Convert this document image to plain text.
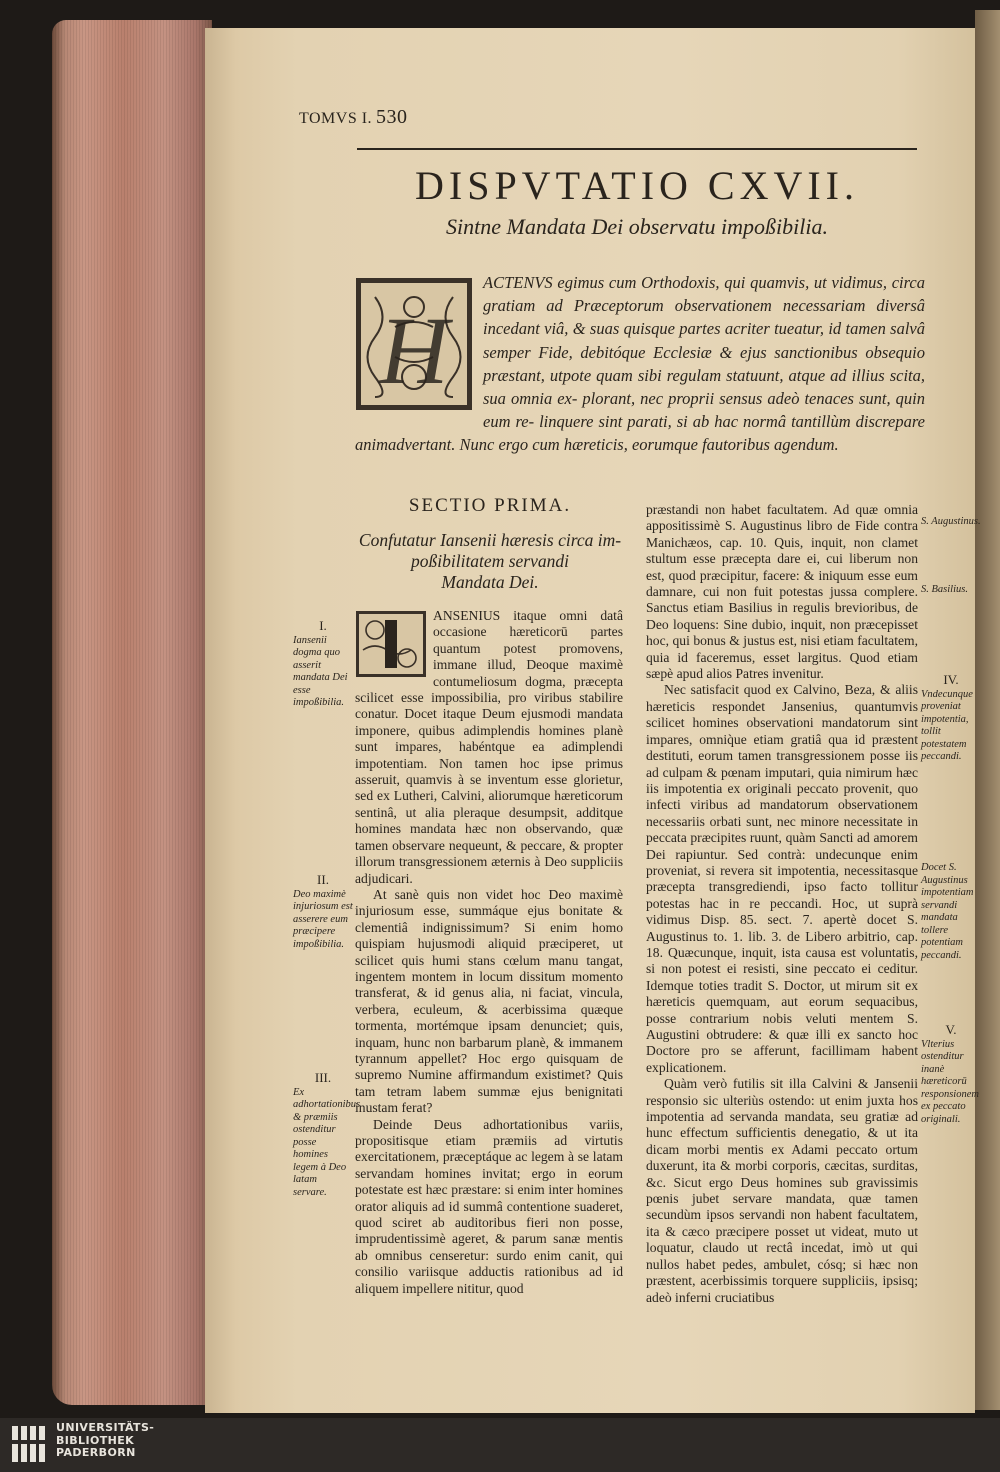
TOMVS I. 530
DISPVTATIO CXVII.
Sintne Mandata Dei observatu impoßibilia.
H
ACTENVS egimus cum Orthodoxis, qui quamvis, ut vidimus, circa gratiam ad Præceptorum observationem necessariam diversâ incedant viâ, & suas quisque partes acriter tueatur, id tamen salvâ semper Fide, debitóque Ecclesiæ & ejus sanctionibus obsequio præstant, utpote quam sibi regulam statuunt, atque ad illius scita, sua omnia ex- plorant, nec proprii sensus adeò tenaces sunt, quin eum re- linquere sint parati, si ab hac normâ tantillùm discrepare animadvertant. Nunc ergo cum hæreticis, eorumque fautoribus agendum.
SECTIO PRIMA.
Confutatur Iansenii hæresis circa im-
poßibilitatem servandi
Mandata Dei.

ANSENIUS itaque omni datâ occasione hæreticorū partes quantum potest promovens, immane illud, Deoque maximè contumeliosum dogma, præcepta scilicet esse impossibilia, pro viribus stabilire conatur. Docet itaque Deum ejusmodi mandata imponere, quibus adimplendis homines planè sunt impares, habéntque ea adimplendi impotentiam. Non tamen hoc ipse primus asseruit, quamvis à se inventum esse glorietur, sed ex Lutheri, Calvini, aliorumque hæreticorum sentinâ, ut alia pleraque desumpsit, additque homines mandata hæc non observando, quæ tamen observare nequeunt, & peccare, & propter illorum transgressionem æternis à Deo suppliciis adjudicari.

At sanè quis non videt hoc Deo maximè injuriosum esse, summáque ejus bonitate & clementiâ indignissimum? Si enim homo quispiam hujusmodi aliquid præciperet, ut scilicet quis humi stans cœlum manu tangat, ingentem montem in locum dissitum momento transferat, & id genus alia, ni faciat, vincula, verbera, eculeum, & acerbissima quæque tormenta, mortémque ipsam denunciet; quis, inquam, hunc non barbarum planè, & immanem tyrannum appellet? Hoc ergo quisquam de supremo Numine affirmandum existimet? Quis tam tetram labem summæ ejus benignitati inustam ferat?

Deinde Deus adhortationibus variis, propositisque etiam præmiis ad virtutis exercitationem, præceptáque ac legem à se latam servandam homines invitat; ergo in eorum potestate est hæc præstare: si enim inter homines orator aliquis ad id summâ contentione suaderet, quod sciret ab auditoribus fieri non posse, imprudentissimè ageret, & parum sanæ mentis ab omnibus censeretur: surdo enim canit, qui consilio variisque adductis rationibus ad id aliquem impellere nititur, quod

præstandi non habet facultatem. Ad quæ omnia appositissimè S. Augustinus libro de Fide contra Manichæos, cap. 10. Quis, inquit, non clamet stultum esse præcepta dare ei, cui liberum non est, quod præcipitur, facere: & iniquum esse eum damnare, cui non fuit potestas jussa complere. Sanctus etiam Basilius in regulis brevioribus, de Deo loquens: Sine dubio, inquit, non præcepisset hoc, qui bonus & justus est, nisi etiam facultatem, quia id faceremus, esset largitus. Quod etiam sæpè apud alios Patres invenitur.

Nec satisfacit quod ex Calvino, Beza, & aliis hæreticis respondet Jansenius, quantumvis scilicet homines observationi mandatorum sint impares, omniq̀ue etiam gratiâ qua id præstent destituti, eorum tamen transgressionem posse iis ad culpam & pœnam imputari, quia nimirum hæc iis impotentia ex originali peccato provenit, quo infecti viribus ad mandatorum observationem necessariis orbati sunt, nec minore necessitate in peccata præcipites ruunt, quàm Sancti ad amorem Dei rapiuntur. Sed contrà: undecunque enim proveniat, si revera sit impotentia, necessitasque præcepta transgrediendi, ipso facto tollitur potestas hac in re peccandi. Hoc, ut suprà vidimus Disp. 85. sect. 7. apertè docet S. Augustinus to. 1. lib. 3. de Libero arbitrio, cap. 18. Quæcunque, inquit, ista causa est voluntatis, si non potest ei resisti, sine peccato ei ceditur. Idemque toties tradit S. Doctor, ut mirum sit ex hæreticis quemquam, aut eorum sequacibus, posse contrarium nobis veluti mentem S. Augustini obtrudere: & quæ illi ex sancto hoc Doctore pro se afferunt, facillimam habent explicationem.

Quàm verò futilis sit illa Calvini & Jansenii responsio sic ulteriùs ostendo: ut enim juxta hos impotentia ad servanda mandata, seu gratiæ ad hunc effectum sufficientis denegatio, & ut ita dicam morbi mentis ex Adami peccato ortum duxerunt, ita & morbi corporis, cæcitas, surditas, &c. Sicut ergo Deus homines sub gravissimis pœnis jubet servare mandata, quæ tamen secundùm ipsos servandi non habent facultatem, ita & cæco præcipere posset ut videat, muto ut loquatur, claudo ut rectâ incedat, imò ut qui nullos habet pedes, ambulet, cósq; si hæc non præstent, acerbissimis torquere suppliciis, ipsisq; adeò inferni cruciatibus

I.
Iansenii dogma quo asserit mandata Dei esse impoßibilia.
II.
Deo maximè injuriosum est asserere eum præcipere impoßibilia.
III.
Ex adhortationibus & præmiis ostenditur posse homines legem à Deo latam servare.
S. Augustinus.
S. Basilius.
IV.
Vndecunque proveniat impotentia, tollit potestatem peccandi.
Docet S. Augustinus impotentiam servandi mandata tollere potentiam peccandi.
V.
Vlterius ostenditur inanè hæreticorū responsionem ex peccato originali.
UNIVERSITÄTS-
BIBLIOTHEK
PADERBORN
